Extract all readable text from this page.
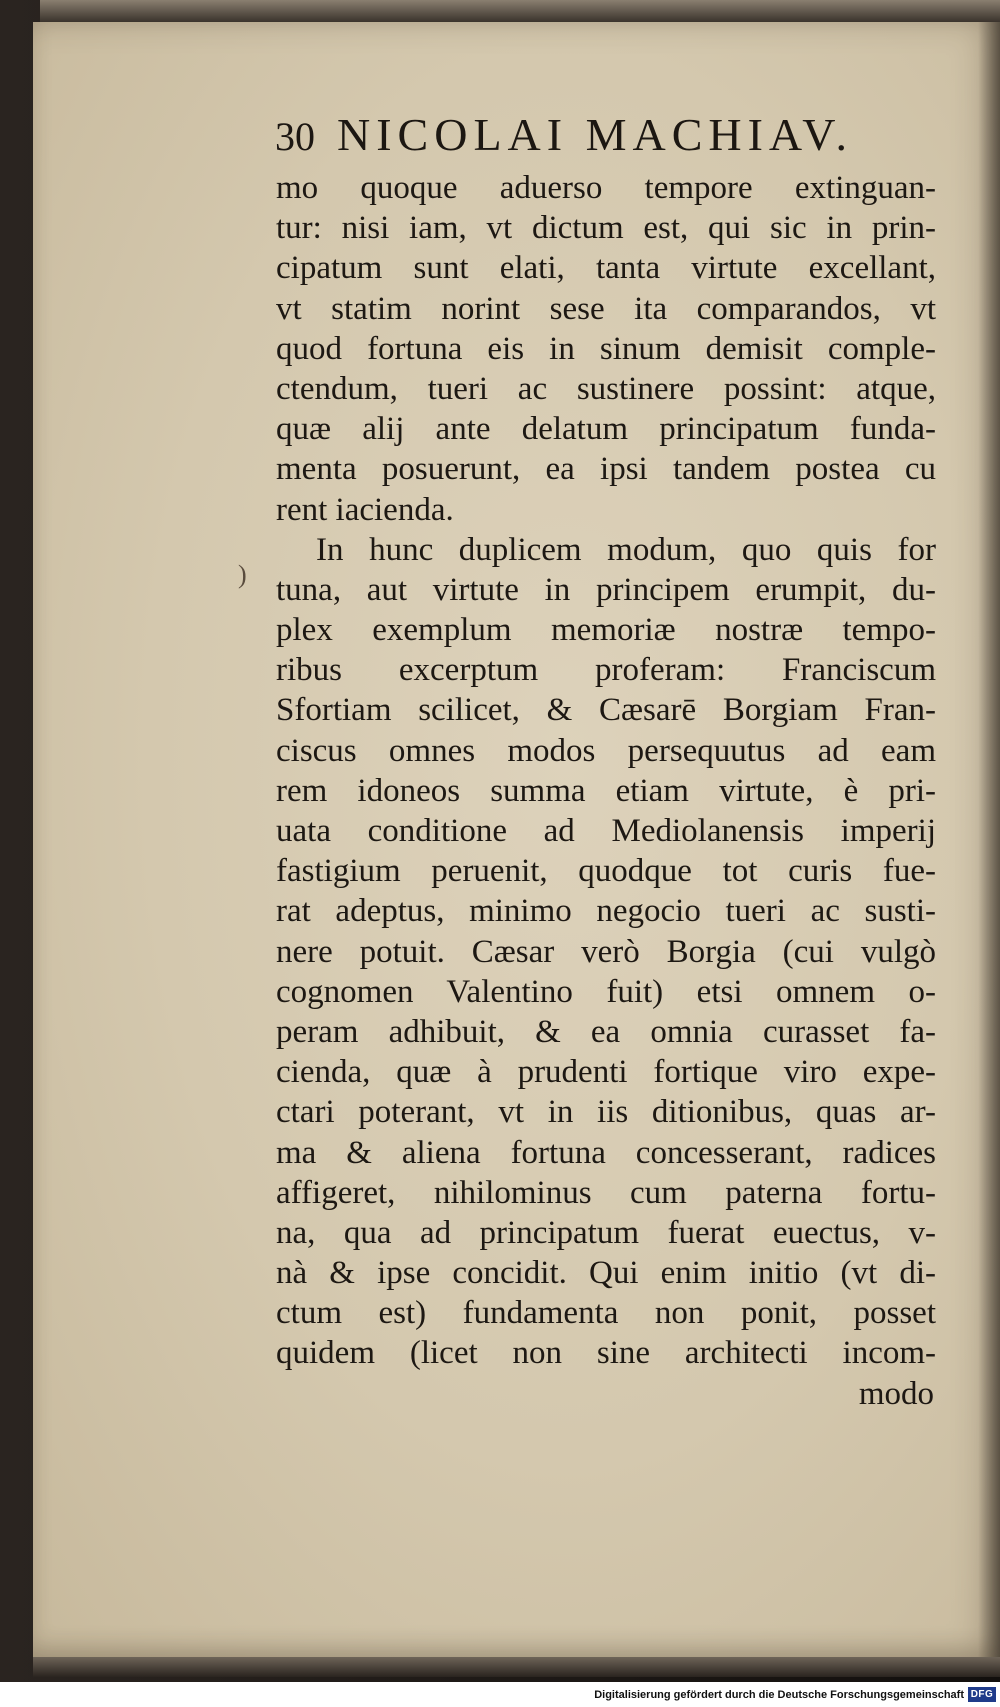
30 NICOLAI MACHIAV.
)
mo quoque aduerso tempore extinguan-
tur: nisi iam, vt dictum est, qui sic in prin-
cipatum sunt elati, tanta virtute excellant,
vt statim norint sese ita comparandos, vt
quod fortuna eis in sinum demisit comple-
ctendum, tueri ac sustinere possint: atque,
quæ alij ante delatum principatum funda-
menta posuerunt, ea ipsi tandem postea cu
rent iacienda.
In hunc duplicem modum, quo quis for
tuna, aut virtute in principem erumpit, du-
plex exemplum memoriæ nostræ tempo-
ribus excerptum proferam: Franciscum
Sfortiam scilicet, & Cæsarē Borgiam Fran-
ciscus omnes modos persequutus ad eam
rem idoneos summa etiam virtute, è pri-
uata conditione ad Mediolanensis imperij
fastigium peruenit, quodque tot curis fue-
rat adeptus, minimo negocio tueri ac susti-
nere potuit. Cæsar verò Borgia (cui vulgò
cognomen Valentino fuit) etsi omnem o-
peram adhibuit, & ea omnia curasset fa-
cienda, quæ à prudenti fortique viro expe-
ctari poterant, vt in iis ditionibus, quas ar-
ma & aliena fortuna concesserant, radices
affigeret, nihilominus cum paterna fortu-
na, qua ad principatum fuerat euectus, v-
nà & ipse concidit. Qui enim initio (vt di-
ctum est) fundamenta non ponit, posset
quidem (licet non sine architecti incom-
modo
Digitalisierung gefördert durch die Deutsche Forschungsgemeinschaft DFG
